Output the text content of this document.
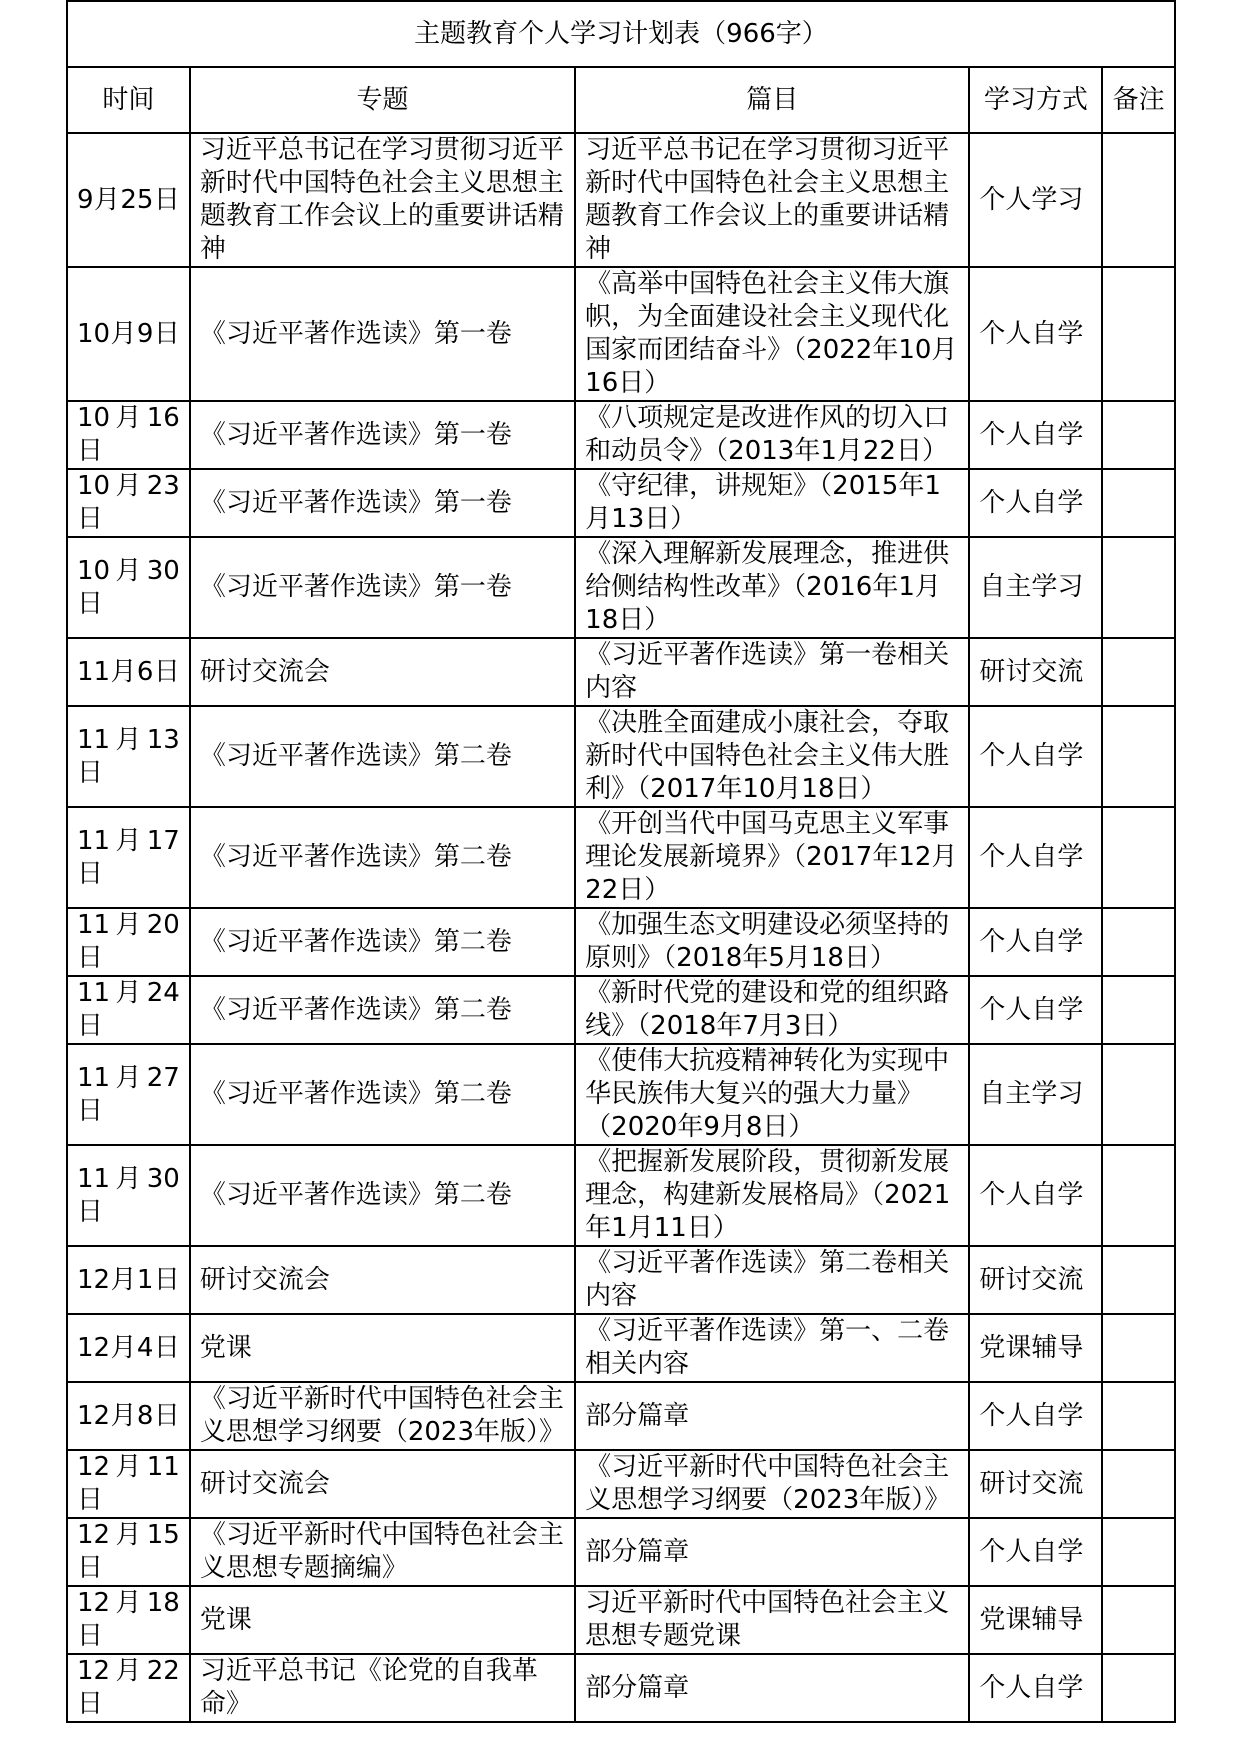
主题教育个人学习计划表（966字）				
时间	专题	篇目	学习方式	备注
9月25日	习近平总书记在学习贯彻习近平新时代中国特色社会主义思想主题教育工作会议上的重要讲话精神	习近平总书记在学习贯彻习近平新时代中国特色社会主义思想主题教育工作会议上的重要讲话精神	个人学习	
10月9日	《习近平著作选读》第一卷	《高举中国特色社会主义伟大旗帜，为全面建设社会主义现代化国家而团结奋斗》（2022年10月16日）	个人自学	
10月16日	《习近平著作选读》第一卷	《八项规定是改进作风的切入口和动员令》（2013年1月22日）	个人自学	
10月23日	《习近平著作选读》第一卷	《守纪律，讲规矩》（2015年1月13日）	个人自学	
10月30日	《习近平著作选读》第一卷	《深入理解新发展理念，推进供给侧结构性改革》（2016年1月18日）	自主学习	
11月6日	研讨交流会	《习近平著作选读》第一卷相关内容	研讨交流	
11月13日	《习近平著作选读》第二卷	《决胜全面建成小康社会，夺取新时代中国特色社会主义伟大胜利》（2017年10月18日）	个人自学	
11月17日	《习近平著作选读》第二卷	《开创当代中国马克思主义军事理论发展新境界》（2017年12月22日）	个人自学	
11月20日	《习近平著作选读》第二卷	《加强生态文明建设必须坚持的原则》（2018年5月18日）	个人自学	
11月24日	《习近平著作选读》第二卷	《新时代党的建设和党的组织路线》（2018年7月3日）	个人自学	
11月27日	《习近平著作选读》第二卷	《使伟大抗疫精神转化为实现中华民族伟大复兴的强大力量》（2020年9月8日）	自主学习	
11月30日	《习近平著作选读》第二卷	《把握新发展阶段，贯彻新发展理念，构建新发展格局》（2021年1月11日）	个人自学	
12月1日	研讨交流会	《习近平著作选读》第二卷相关内容	研讨交流	
12月4日	党课	《习近平著作选读》第一、二卷相关内容	党课辅导	
12月8日	《习近平新时代中国特色社会主义思想学习纲要（2023年版）》	部分篇章	个人自学	
12月11日	研讨交流会	《习近平新时代中国特色社会主义思想学习纲要（2023年版）》	研讨交流	
12月15日	《习近平新时代中国特色社会主义思想专题摘编》	部分篇章	个人自学	
12月18日	党课	习近平新时代中国特色社会主义思想专题党课	党课辅导	
12月22日	习近平总书记《论党的自我革命》	部分篇章	个人自学	
